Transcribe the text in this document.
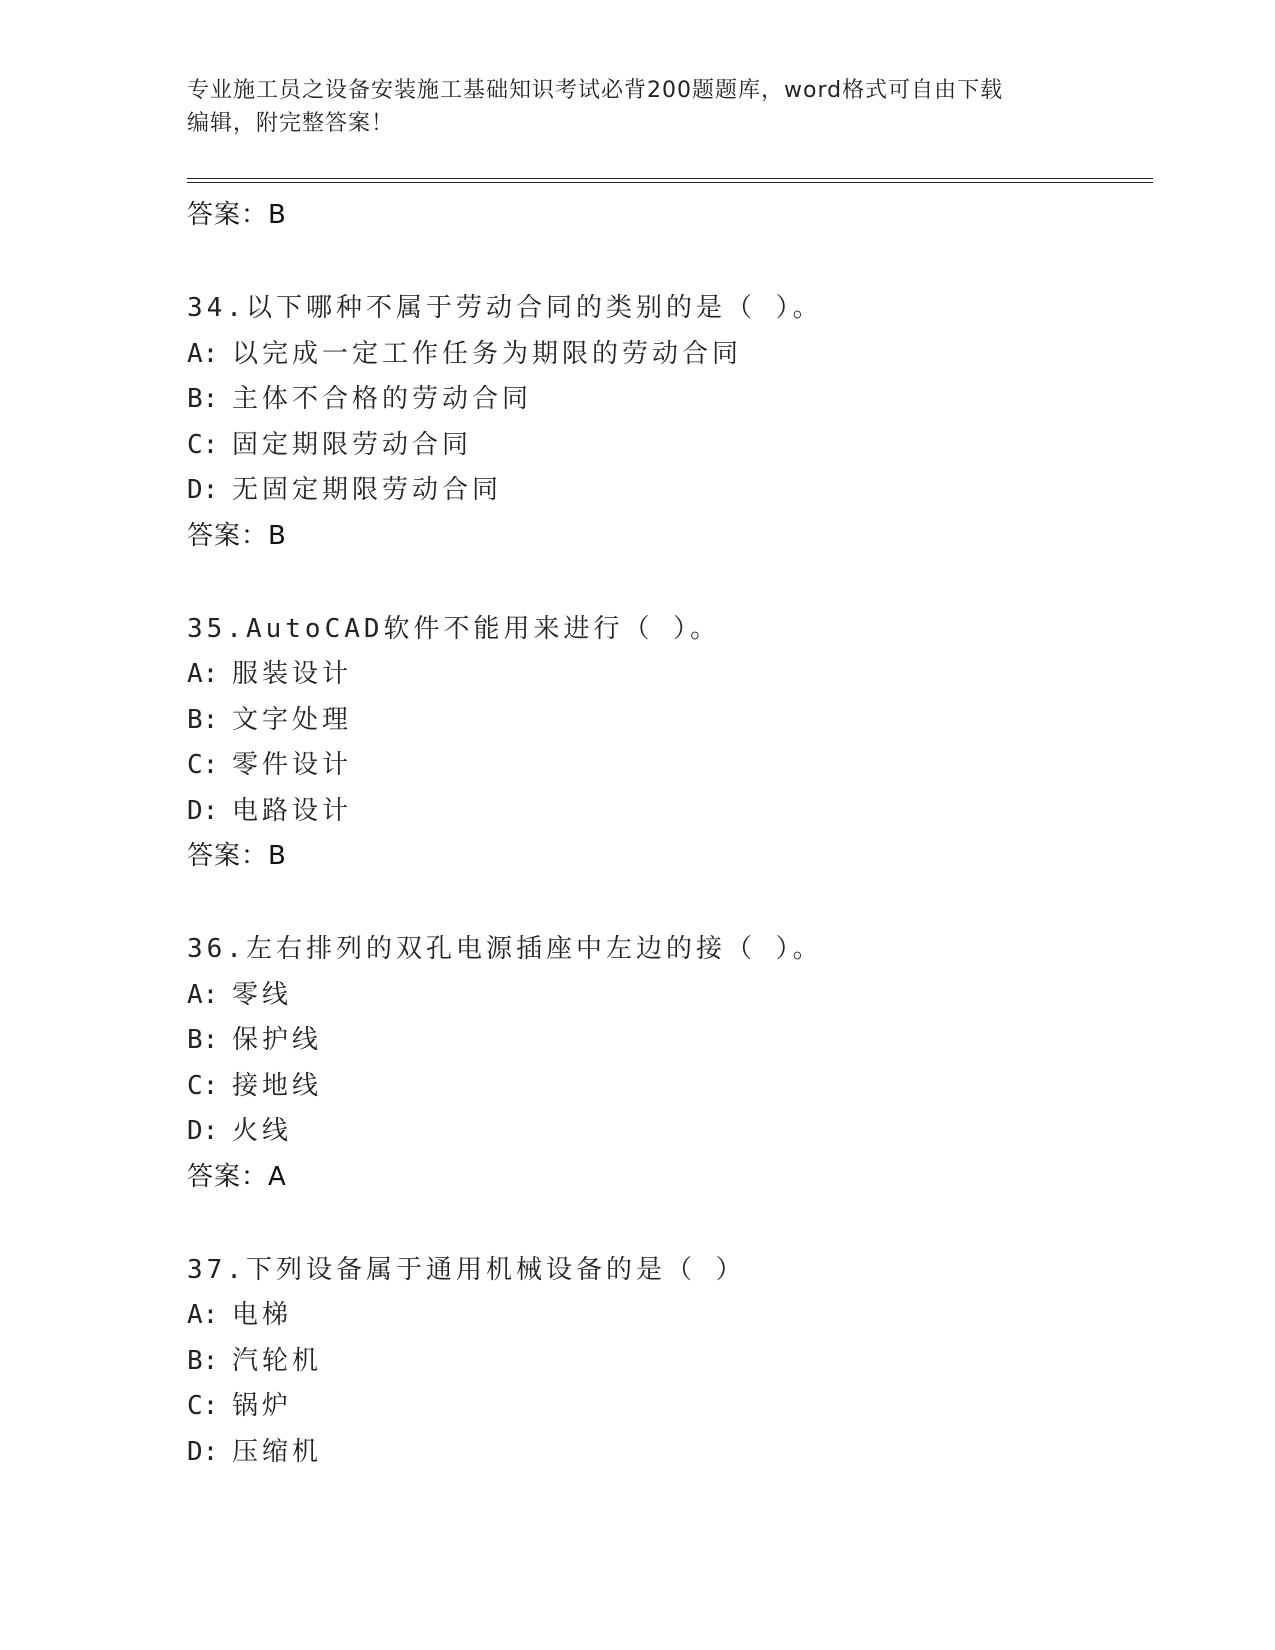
专业施工员之设备安装施工基础知识考试必背200题题库，word格式可自由下载
编辑，附完整答案！
答案：B
34.以下哪种不属于劳动合同的类别的是（ ）。
A: 以完成一定工作任务为期限的劳动合同
B: 主体不合格的劳动合同
C: 固定期限劳动合同
D: 无固定期限劳动合同
答案：B
35.AutoCAD软件不能用来进行（ ）。
A: 服装设计
B: 文字处理
C: 零件设计
D: 电路设计
答案：B
36.左右排列的双孔电源插座中左边的接（ ）。
A: 零线
B: 保护线
C: 接地线
D: 火线
答案：A
37.下列设备属于通用机械设备的是（ ）
A: 电梯
B: 汽轮机
C: 锅炉
D: 压缩机
